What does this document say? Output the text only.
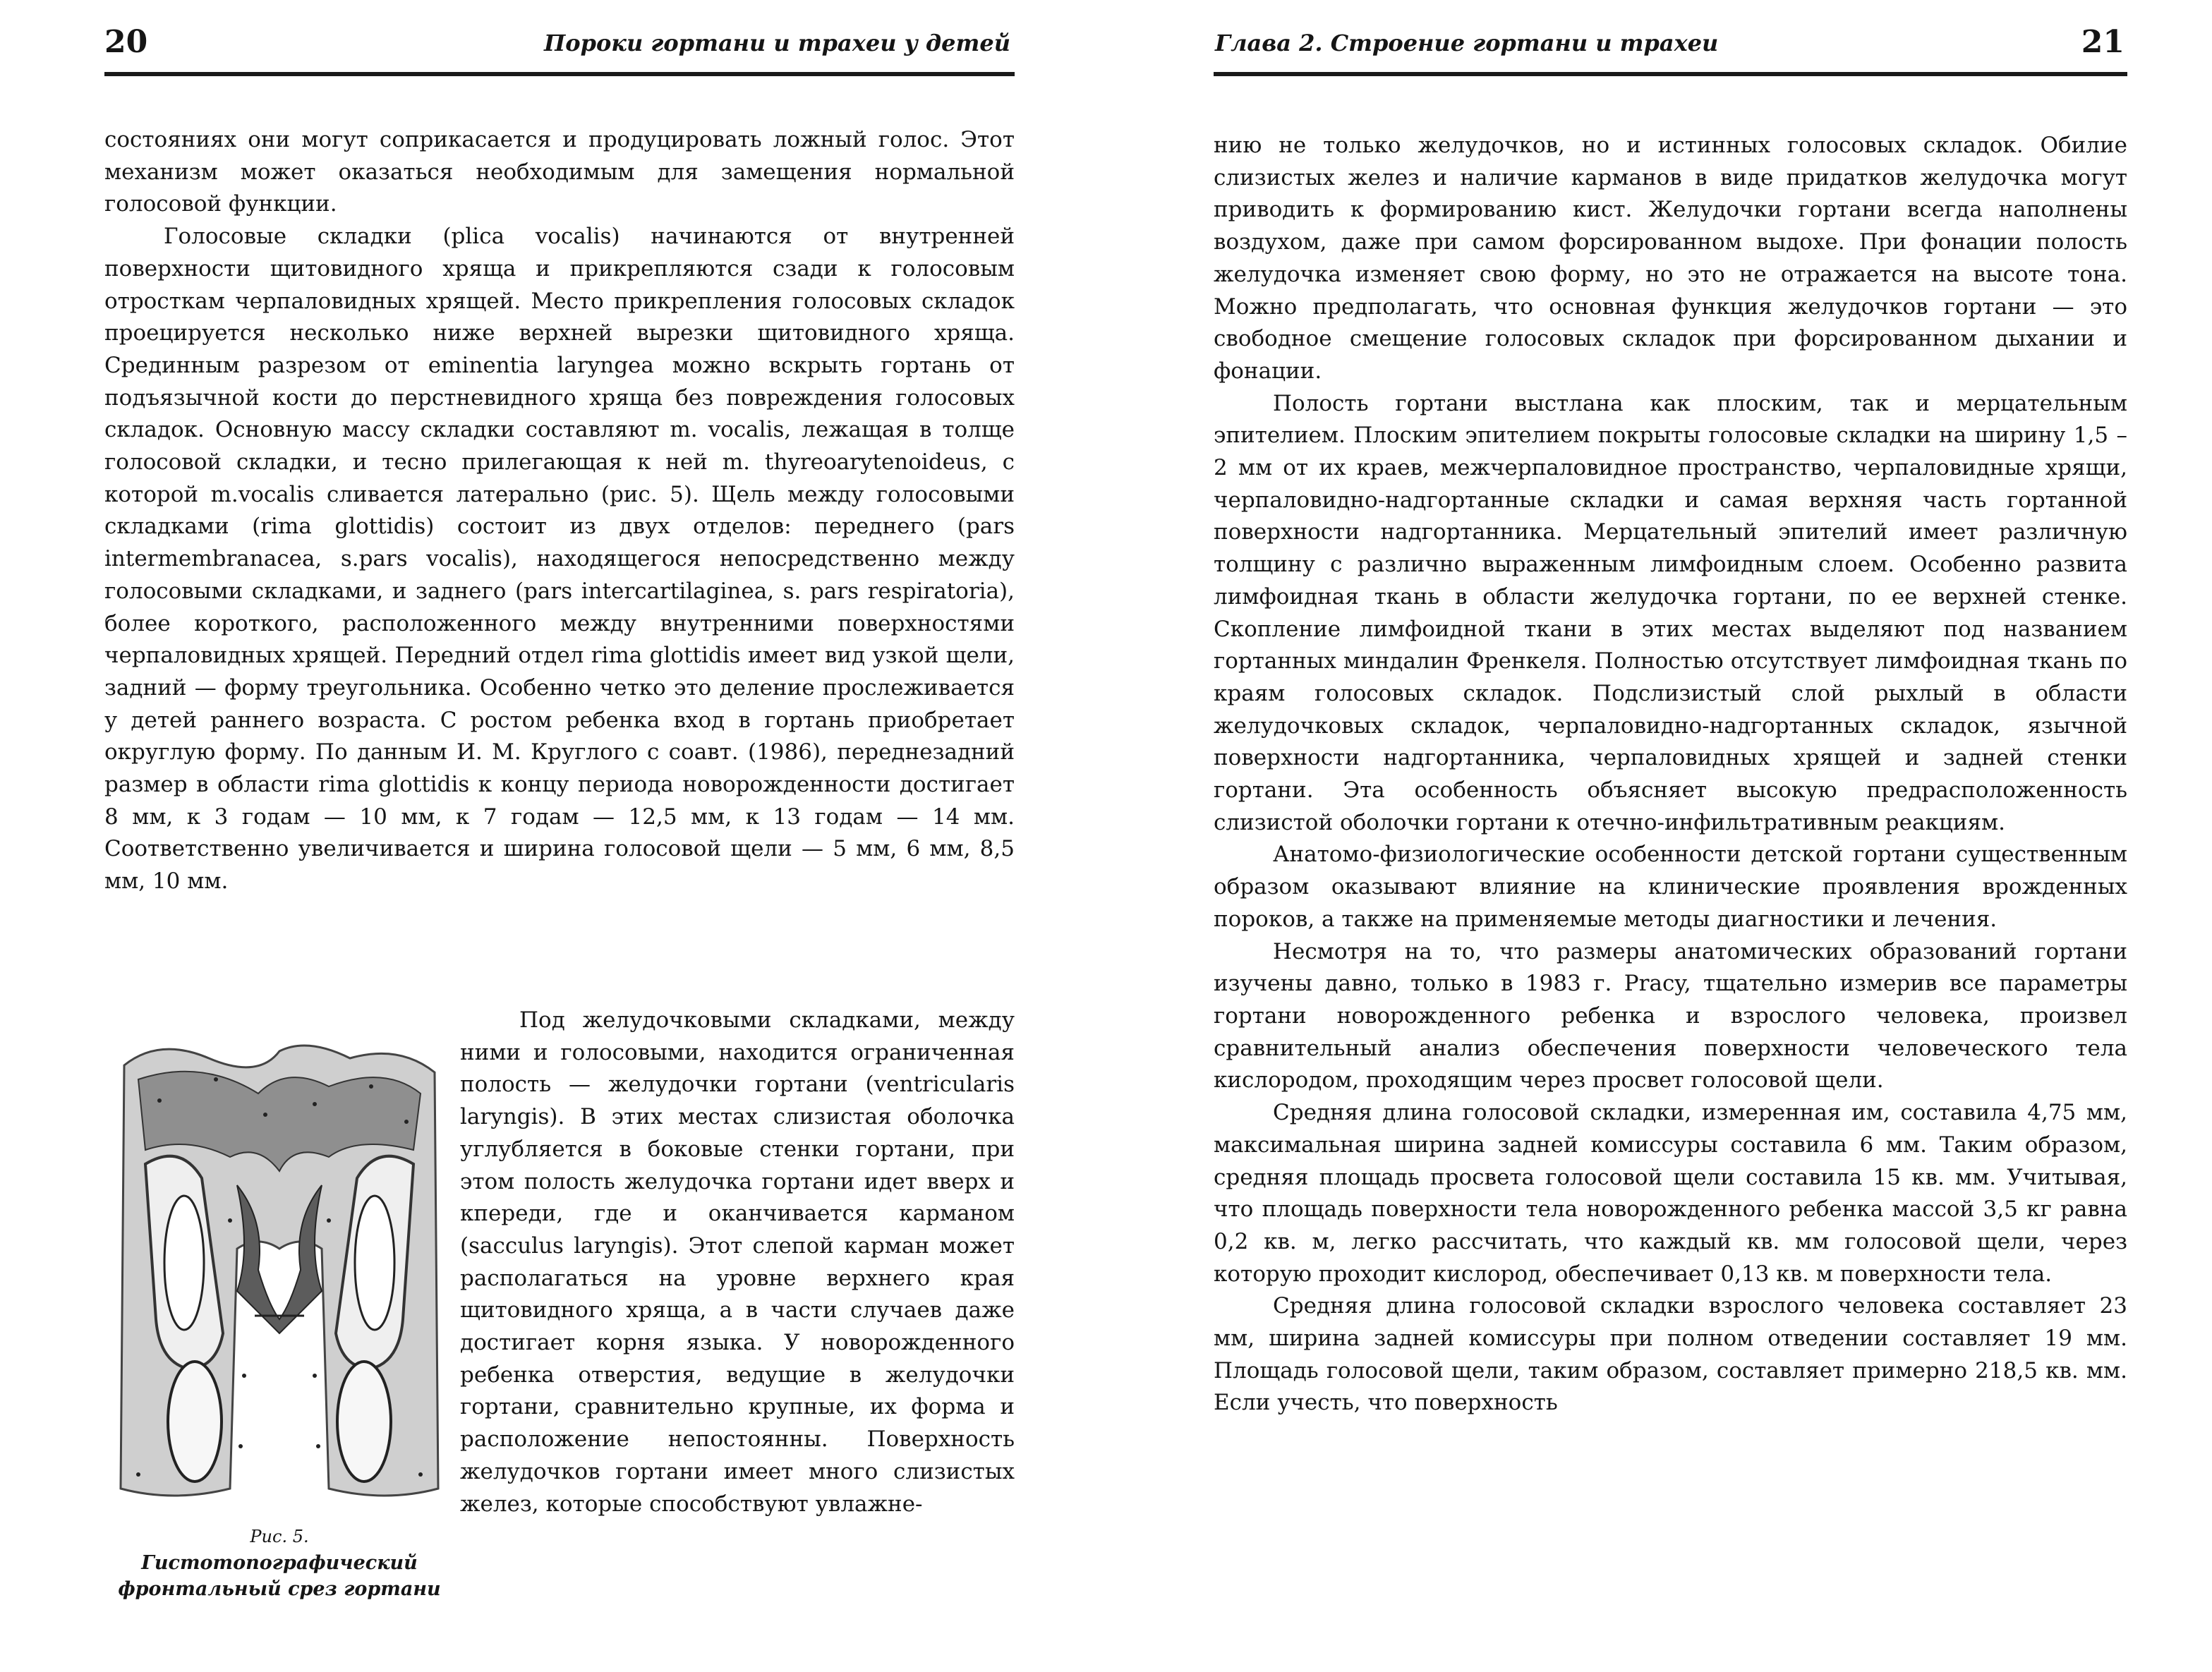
20	Пороки гортани и трахеи у детей

состояниях они могут соприкасается и продуцировать ложный голос. Этот механизм может оказаться необходимым для замещения нормальной голосовой функции.

Голосовые складки (plica vocalis) начинаются от внутренней поверхности щитовидного хряща и прикрепляются сзади к голосовым отросткам черпаловидных хрящей. Место прикрепления голосовых складок проецируется несколько ниже верхней вырезки щитовидного хряща. Срединным разрезом от eminentia laryngea можно вскрыть гортань от подъязычной кости до перстневидного хряща без повреждения голосовых складок. Основную массу складки составляют m. vocalis, лежащая в толще голосовой складки, и тесно прилегающая к ней m. thyreoarytenoideus, с которой m.vocalis сливается латерально (рис. 5). Щель между голосовыми складками (rima glottidis) состоит из двух отделов: переднего (pars intermembranacea, s.pars vocalis), находящегося непосредственно между голосовыми складками, и заднего (pars intercartilaginea, s. pars respiratoria), более короткого, расположенного между внутренними поверхностями черпаловидных хрящей. Передний отдел rima glottidis имеет вид узкой щели, задний — форму треугольника. Особенно четко это деление прослеживается у детей раннего возраста. С ростом ребенка вход в гортань приобретает округлую форму. По данным И. М. Круглого с соавт. (1986), переднезадний размер в области rima glottidis к концу периода новорожденности достигает 8 мм, к 3 годам — 10 мм, к 7 годам — 12,5 мм, к 13 годам — 14 мм. Соответственно увеличивается и ширина голосовой щели — 5 мм, 6 мм, 8,5 мм, 10 мм.

Рис. 5.
Гистотопографический фронтальный срез гортани

Под желудочковыми складками, между ними и голосовыми, находится ограниченная полость — желудочки гортани (ventricularis laryngis). В этих местах слизистая оболочка углубляется в боковые стенки гортани, при этом полость желудочка гортани идет вверх и кпереди, где и оканчивается карманом (sacculus laryngis). Этот слепой карман может располагаться на уровне верхнего края щитовидного хряща, а в части случаев даже достигает корня языка. У новорожденного ребенка отверстия, ведущие в желудочки гортани, сравнительно крупные, их форма и расположение непостоянны. Поверхность желудочков гортани имеет много слизистых желез, которые способствуют увлажне-

Глава 2. Строение гортани и трахеи	21

нию не только желудочков, но и истинных голосовых складок. Обилие слизистых желез и наличие карманов в виде придатков желудочка могут приводить к формированию кист. Желудочки гортани всегда наполнены воздухом, даже при самом форсированном выдохе. При фонации полость желудочка изменяет свою форму, но это не отражается на высоте тона. Можно предполагать, что основная функция желудочков гортани — это свободное смещение голосовых складок при форсированном дыхании и фонации.

Полость гортани выстлана как плоским, так и мерцательным эпителием. Плоским эпителием покрыты голосовые складки на ширину 1,5 – 2 мм от их краев, межчерпаловидное пространство, черпаловидные хрящи, черпаловидно-надгортанные складки и самая верхняя часть гортанной поверхности надгортанника. Мерцательный эпителий имеет различную толщину с различно выраженным лимфоидным слоем. Особенно развита лимфоидная ткань в области желудочка гортани, по ее верхней стенке. Скопление лимфоидной ткани в этих местах выделяют под названием гортанных миндалин Френкеля. Полностью отсутствует лимфоидная ткань по краям голосовых складок. Подслизистый слой рыхлый в области желудочковых складок, черпаловидно-надгортанных складок, язычной поверхности надгортанника, черпаловидных хрящей и задней стенки гортани. Эта особенность объясняет высокую предрасположенность слизистой оболочки гортани к отечно-инфильтративным реакциям.

Анатомо-физиологические особенности детской гортани существенным образом оказывают влияние на клинические проявления врожденных пороков, а также на применяемые методы диагностики и лечения.

Несмотря на то, что размеры анатомических образований гортани изучены давно, только в 1983 г. Pracy, тщательно измерив все параметры гортани новорожденного ребенка и взрослого человека, произвел сравнительный анализ обеспечения поверхности человеческого тела кислородом, проходящим через просвет голосовой щели.

Средняя длина голосовой складки, измеренная им, составила 4,75 мм, максимальная ширина задней комиссуры составила 6 мм. Таким образом, средняя площадь просвета голосовой щели составила 15 кв. мм. Учитывая, что площадь поверхности тела новорожденного ребенка массой 3,5 кг равна 0,2 кв. м, легко рассчитать, что каждый кв. мм голосовой щели, через которую проходит кислород, обеспечивает 0,13 кв. м поверхности тела.

Средняя длина голосовой складки взрослого человека составляет 23 мм, ширина задней комиссуры при полном отведении составляет 19 мм. Площадь голосовой щели, таким образом, составляет примерно 218,5 кв. мм. Если учесть, что поверхность
